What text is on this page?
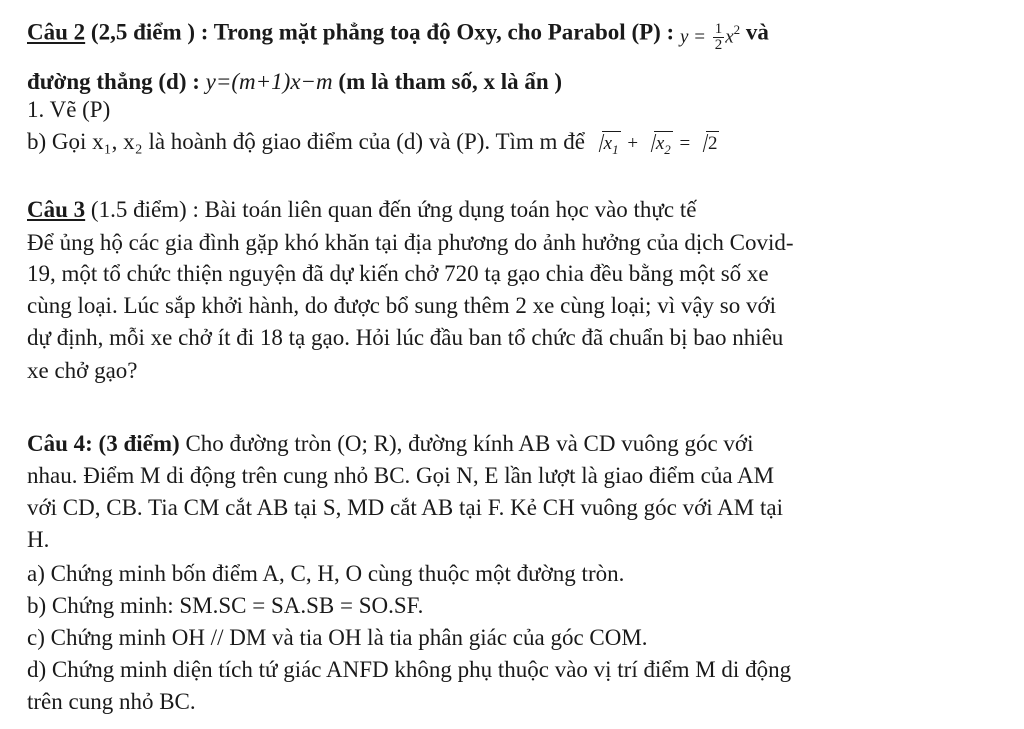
Câu 2 (2,5 điểm ) : Trong mặt phẳng toạ độ Oxy, cho Parabol (P) : $y = \frac{1}{2} x^2$ và
đường thẳng (d) : y=(m+1)x−m (m là tham số, x là ẩn )
1. Vẽ (P)
b) Gọi x₁, x₂ là hoành độ giao điểm của (d) và (P). Tìm m để $x_1 + x_2 = 2$
Câu 3 (1.5 điểm) : Bài toán liên quan đến ứng dụng toán học vào thực tế
Để ủng hộ các gia đình gặp khó khăn tại địa phương do ảnh hưởng của dịch Covid-
19, một tổ chức thiện nguyện đã dự kiến chở 720 tạ gạo chia đều bằng một số xe
cùng loại. Lúc sắp khởi hành, do được bổ sung thêm 2 xe cùng loại; vì vậy so với
dự định, mỗi xe chở ít đi 18 tạ gạo. Hỏi lúc đầu ban tổ chức đã chuẩn bị bao nhiêu
xe chở gạo?
Câu 4: (3 điểm) Cho đường tròn (O; R), đường kính AB và CD vuông góc với
nhau. Điểm M di động trên cung nhỏ BC. Gọi N, E lần lượt là giao điểm của AM
với CD, CB. Tia CM cắt AB tại S, MD cắt AB tại F. Kẻ CH vuông góc với AM tại
H.
a) Chứng minh bốn điểm A, C, H, O cùng thuộc một đường tròn.
b) Chứng minh: SM.SC = SA.SB = SO.SF.
c) Chứng minh OH // DM và tia OH là tia phân giác của góc COM.
d) Chứng minh diện tích tứ giác ANFD không phụ thuộc vào vị trí điểm M di động
trên cung nhỏ BC.
